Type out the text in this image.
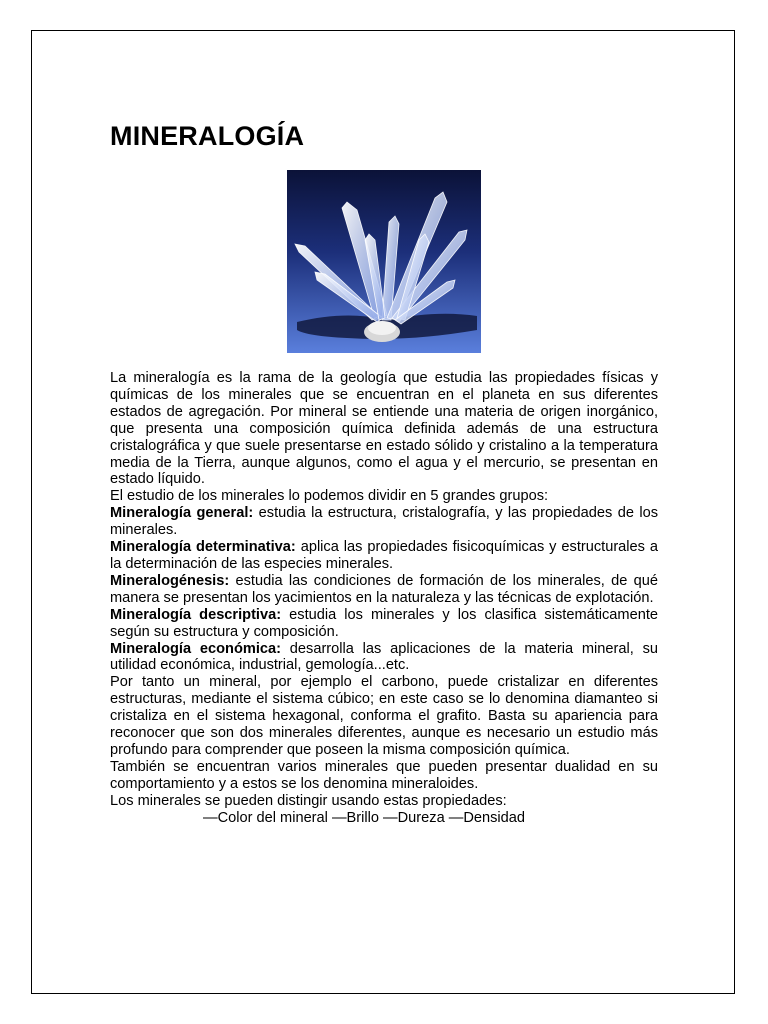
MINERALOGÍA

La mineralogía es la rama de la geología que estudia las propiedades físicas y químicas de los minerales que se encuentran en el planeta en sus diferentes estados de agregación. Por mineral se entiende una materia de origen inorgánico, que presenta una composición química definida además de una estructura cristalográfica y que suele presentarse en estado sólido y cristalino a la temperatura media de la Tierra, aunque algunos, como el agua y el mercurio, se presentan en estado líquido.

El estudio de los minerales lo podemos dividir en 5 grandes grupos:

Mineralogía general: estudia la estructura, cristalografía, y las propiedades de los minerales.

Mineralogía determinativa: aplica las propiedades fisicoquímicas y estructurales a la determinación de las especies minerales.

Mineralogénesis: estudia las condiciones de formación de los minerales, de qué manera se presentan los yacimientos en la naturaleza y las técnicas de explotación.

Mineralogía descriptiva: estudia los minerales y los clasifica sistemáticamente según su estructura y composición.

Mineralogía económica: desarrolla las aplicaciones de la materia mineral, su utilidad económica, industrial, gemología...etc.

Por tanto un mineral, por ejemplo el carbono, puede cristalizar en diferentes estructuras, mediante el sistema cúbico; en este caso se lo denomina diamanteo si cristaliza en el sistema hexagonal, conforma el grafito. Basta su apariencia para reconocer que son dos minerales diferentes, aunque es necesario un estudio más profundo para comprender que poseen la misma composición química.

También se encuentran varios minerales que pueden presentar dualidad en su comportamiento y a estos se los denomina mineraloides.

Los minerales se pueden distingir usando estas propiedades:

—Color del mineral —Brillo —Dureza —Densidad
